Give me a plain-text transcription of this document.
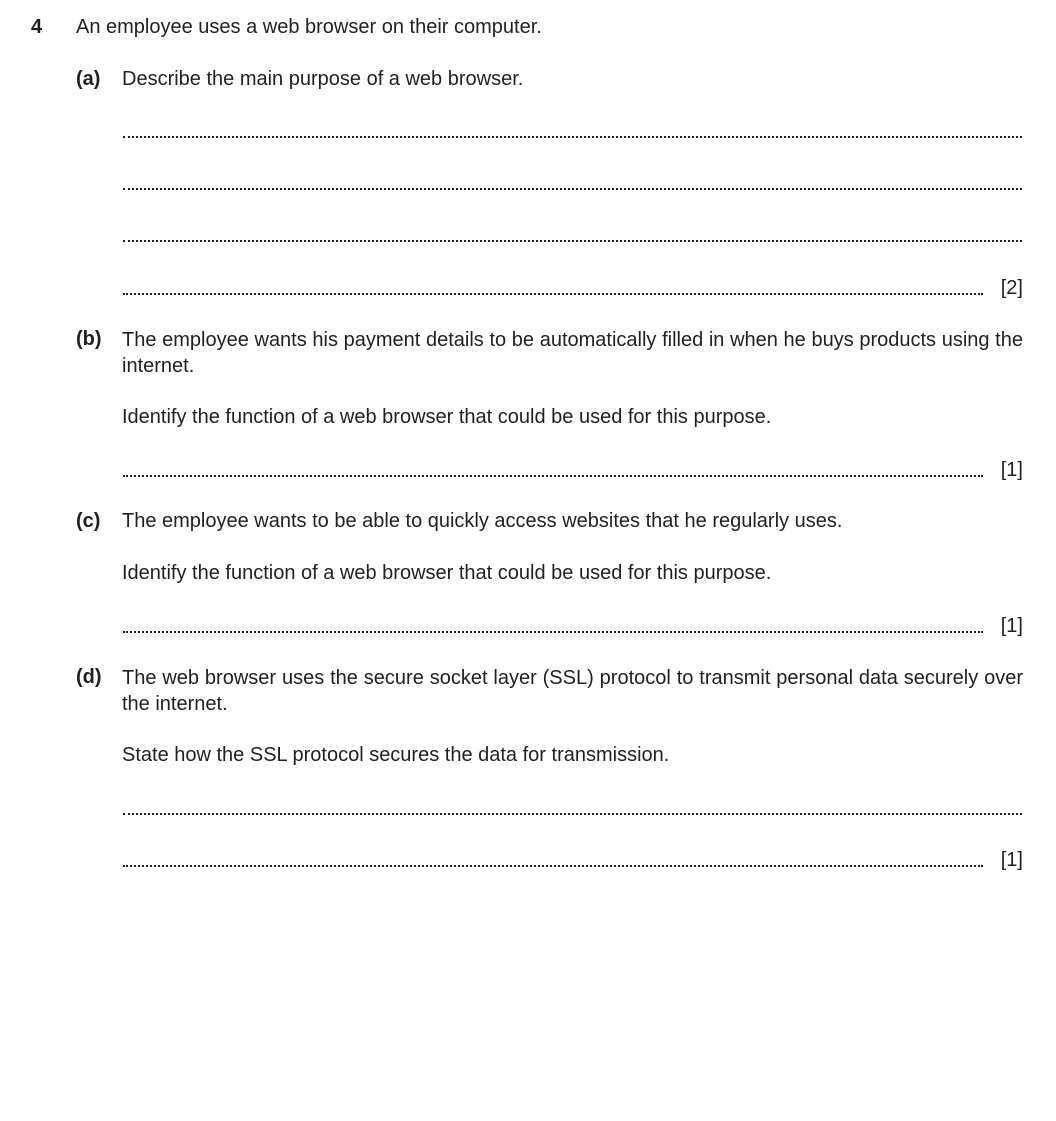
4 An employee uses a web browser on their computer.
(a) Describe the main purpose of a web browser.
[2]
(b) The employee wants his payment details to be automatically filled in when he buys products using the internet.
Identify the function of a web browser that could be used for this purpose.
[1]
(c) The employee wants to be able to quickly access websites that he regularly uses.
Identify the function of a web browser that could be used for this purpose.
[1]
(d) The web browser uses the secure socket layer (SSL) protocol to transmit personal data securely over the internet.
State how the SSL protocol secures the data for transmission.
[1]
